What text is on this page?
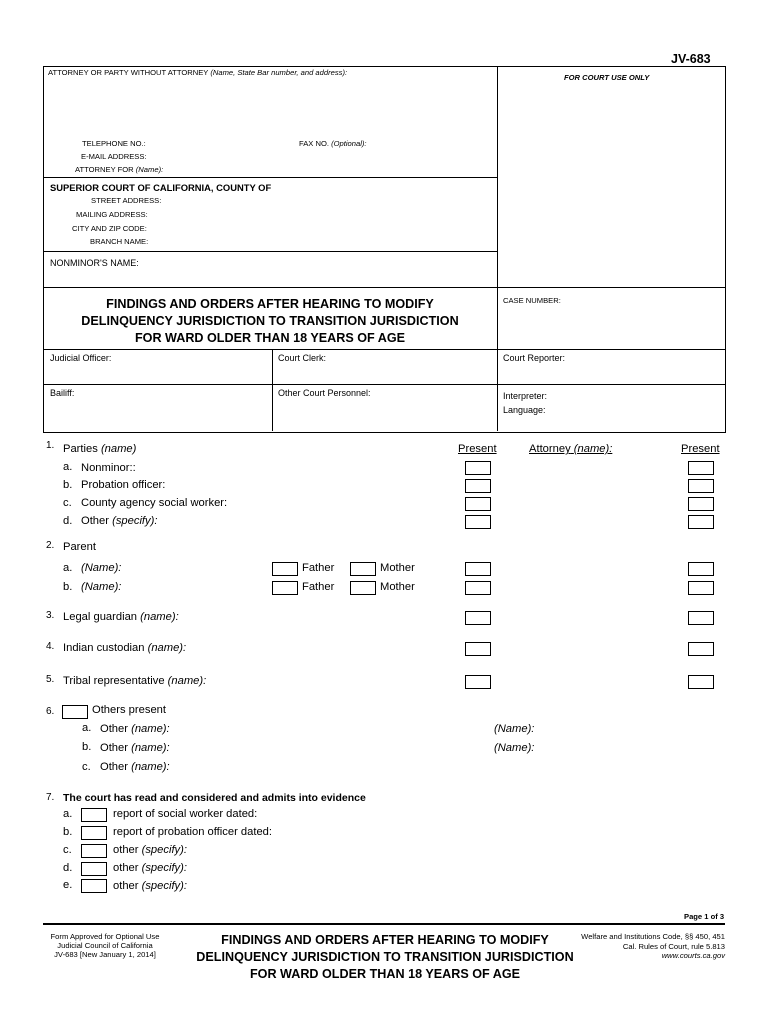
JV-683
ATTORNEY OR PARTY WITHOUT ATTORNEY (Name, State Bar number, and address):
FOR COURT USE ONLY
TELEPHONE NO.:	FAX NO. (Optional):
E-MAIL ADDRESS:
ATTORNEY FOR (Name):
SUPERIOR COURT OF CALIFORNIA, COUNTY OF
STREET ADDRESS:
MAILING ADDRESS:
CITY AND ZIP CODE:
BRANCH NAME:
NONMINOR'S NAME:
FINDINGS AND ORDERS AFTER HEARING TO MODIFY
DELINQUENCY JURISDICTION TO TRANSITION JURISDICTION
FOR WARD OLDER THAN 18 YEARS OF AGE
CASE NUMBER:
Judicial Officer:	Court Clerk:	Court Reporter:
Bailiff:	Other Court Personnel:	Interpreter:
Language:
1. Parties (name)	Present	Attorney (name):	Present
a. Nonminor::
b. Probation officer:
c. County agency social worker:
d. Other (specify):
2. Parent
a. (Name):	Father	Mother
b. (Name):	Father	Mother
3. Legal guardian (name):
4. Indian custodian (name):
5. Tribal representative (name):
6.	Others present
a. Other (name):	(Name):
b. Other (name):	(Name):
c. Other (name):
7. The court has read and considered and admits into evidence
a.	report of social worker dated:
b.	report of probation officer dated:
c.	other (specify):
d.	other (specify):
e.	other (specify):
Page 1 of 3
Form Approved for Optional Use
Judicial Council of California
JV-683 [New January 1, 2014]
FINDINGS AND ORDERS AFTER HEARING TO MODIFY
DELINQUENCY JURISDICTION TO TRANSITION JURISDICTION
FOR WARD OLDER THAN 18 YEARS OF AGE
Welfare and Institutions Code, §§ 450, 451
Cal. Rules of Court, rule 5.813
www.courts.ca.gov
